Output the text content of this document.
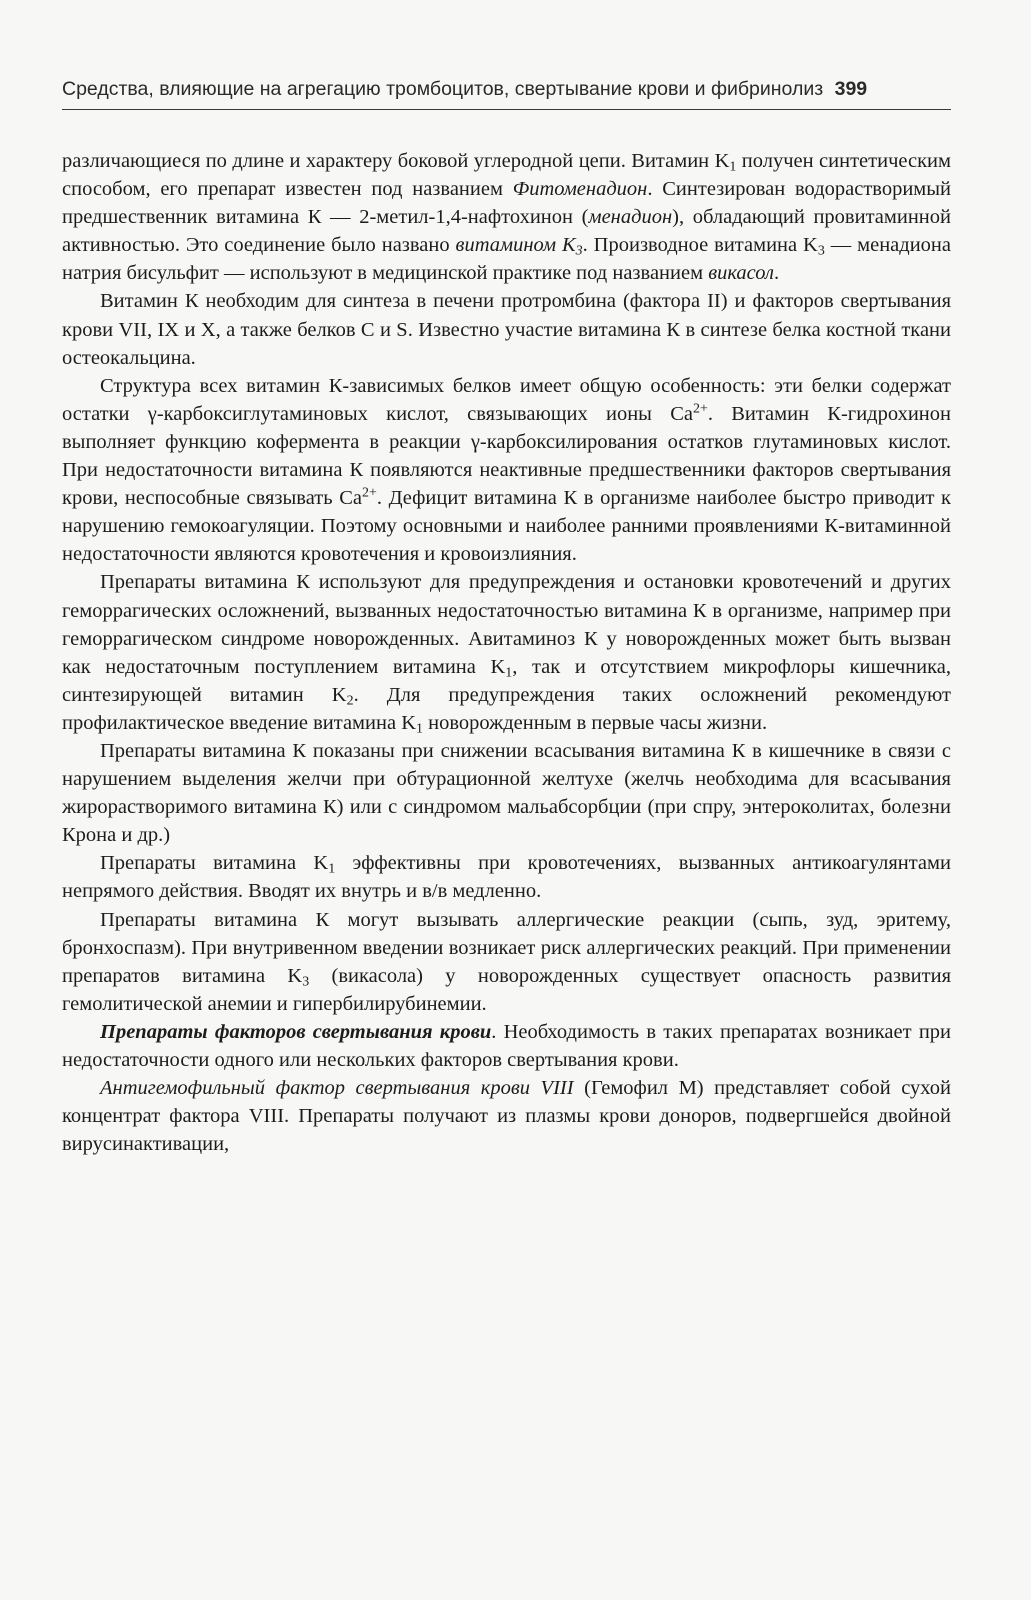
Средства, влияющие на агрегацию тромбоцитов, свертывание крови и фибринолиз 399

различающиеся по длине и характеру боковой углеродной цепи. Витамин $K_1$ получен синтетическим способом, его препарат известен под названием Фитоменадион. Синтезирован водорастворимый предшественник витамина К — 2-метил-1,4-нафтохинон (менадион), обладающий провитаминной активностью. Это соединение было названо витамином $K_3$. Производное витамина $K_3$ — менадиона натрия бисульфит — используют в медицинской практике под названием викасол.

Витамин К необходим для синтеза в печени протромбина (фактора II) и факторов свертывания крови VII, IX и X, а также белков С и S. Известно участие витамина К в синтезе белка костной ткани остеокальцина.

Структура всех витамин К-зависимых белков имеет общую особенность: эти белки содержат остатки γ-карбоксиглутаминовых кислот, связывающих ионы $Ca^{2+}$. Витамин К-гидрохинон выполняет функцию кофермента в реакции γ-карбоксилирования остатков глутаминовых кислот. При недостаточности витамина К появляются неактивные предшественники факторов свертывания крови, неспособные связывать $Ca^{2+}$. Дефицит витамина К в организме наиболее быстро приводит к нарушению гемокоагуляции. Поэтому основными и наиболее ранними проявлениями К-витаминной недостаточности являются кровотечения и кровоизлияния.

Препараты витамина К используют для предупреждения и остановки кровотечений и других геморрагических осложнений, вызванных недостаточностью витамина К в организме, например при геморрагическом синдроме новорожденных. Авитаминоз К у новорожденных может быть вызван как недостаточным поступлением витамина $K_1$, так и отсутствием микрофлоры кишечника, синтезирующей витамин $K_2$. Для предупреждения таких осложнений рекомендуют профилактическое введение витамина $K_1$ новорожденным в первые часы жизни.

Препараты витамина К показаны при снижении всасывания витамина К в кишечнике в связи с нарушением выделения желчи при обтурационной желтухе (желчь необходима для всасывания жирорастворимого витамина К) или с синдромом мальабсорбции (при спру, энтероколитах, болезни Крона и др.)

Препараты витамина $K_1$ эффективны при кровотечениях, вызванных антикоагулянтами непрямого действия. Вводят их внутрь и в/в медленно.

Препараты витамина К могут вызывать аллергические реакции (сыпь, зуд, эритему, бронхоспазм). При внутривенном введении возникает риск аллергических реакций. При применении препаратов витамина $K_3$ (викасола) у новорожденных существует опасность развития гемолитической анемии и гипербилирубинемии.

Препараты факторов свертывания крови. Необходимость в таких препаратах возникает при недостаточности одного или нескольких факторов свертывания крови.

Антигемофильный фактор свертывания крови VIII (Гемофил М) представляет собой сухой концентрат фактора VIII. Препараты получают из плазмы крови доноров, подвергшейся двойной вирусинактивации,
